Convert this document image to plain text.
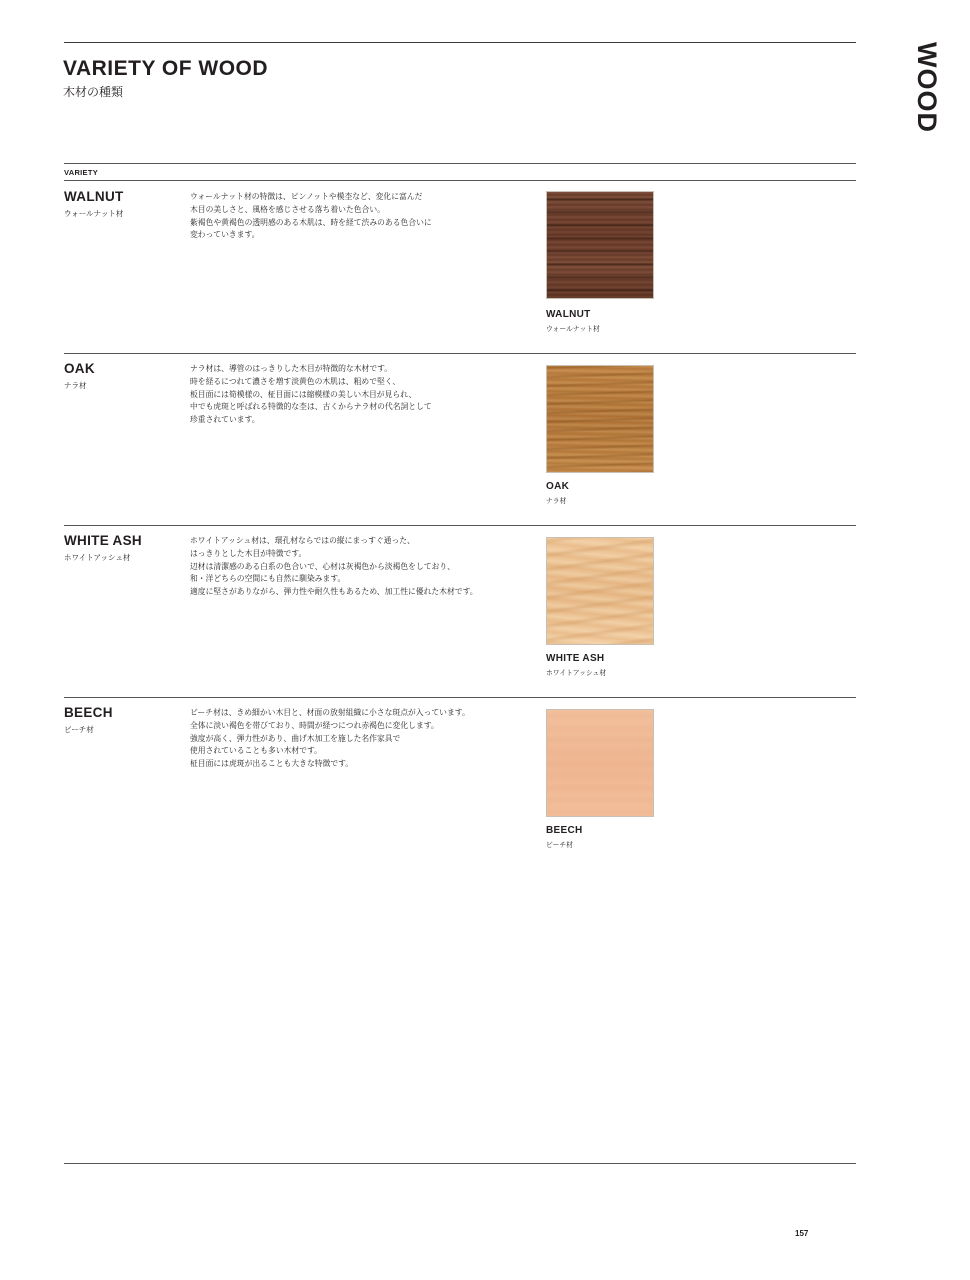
WOOD
VARIETY OF WOOD
木材の種類
VARIETY
WALNUT
ウォールナット材
ウォールナット材の特徴は、ピンノットや模杢など、変化に富んだ
木目の美しさと、風格を感じさせる落ち着いた色合い。
紫褐色や黄褐色の透明感のある木肌は、時を経て渋みのある色合いに
変わっていきます。
WALNUT
ウォールナット材
OAK
ナラ材
ナラ材は、導管のはっきりした木目が特徴的な木材です。
時を経るにつれて濃さを増す淡黄色の木肌は、粗めで堅く、
板目面には筍模様の、柾目面には縮模様の美しい木目が見られ、
中でも虎斑と呼ばれる特徴的な杢は、古くからナラ材の代名詞として
珍重されています。
OAK
ナラ材
WHITE ASH
ホワイトアッシュ材
ホワイトアッシュ材は、環孔材ならではの縦にまっすぐ通った、
はっきりとした木目が特徴です。
辺材は清潔感のある白系の色合いで、心材は灰褐色から淡褐色をしており、
和・洋どちらの空間にも自然に馴染みます。
適度に堅さがありながら、弾力性や耐久性もあるため、加工性に優れた木材です。
WHITE ASH
ホワイトアッシュ材
BEECH
ビーチ材
ビーチ材は、きめ細かい木目と、材面の放射組織に小さな斑点が入っています。
全体に淡い褐色を帯びており、時間が経つにつれ赤褐色に変化します。
強度が高く、弾力性があり、曲げ木加工を施した名作家具で
使用されていることも多い木材です。
柾目面には虎斑が出ることも大きな特徴です。
BEECH
ビーチ材
157
